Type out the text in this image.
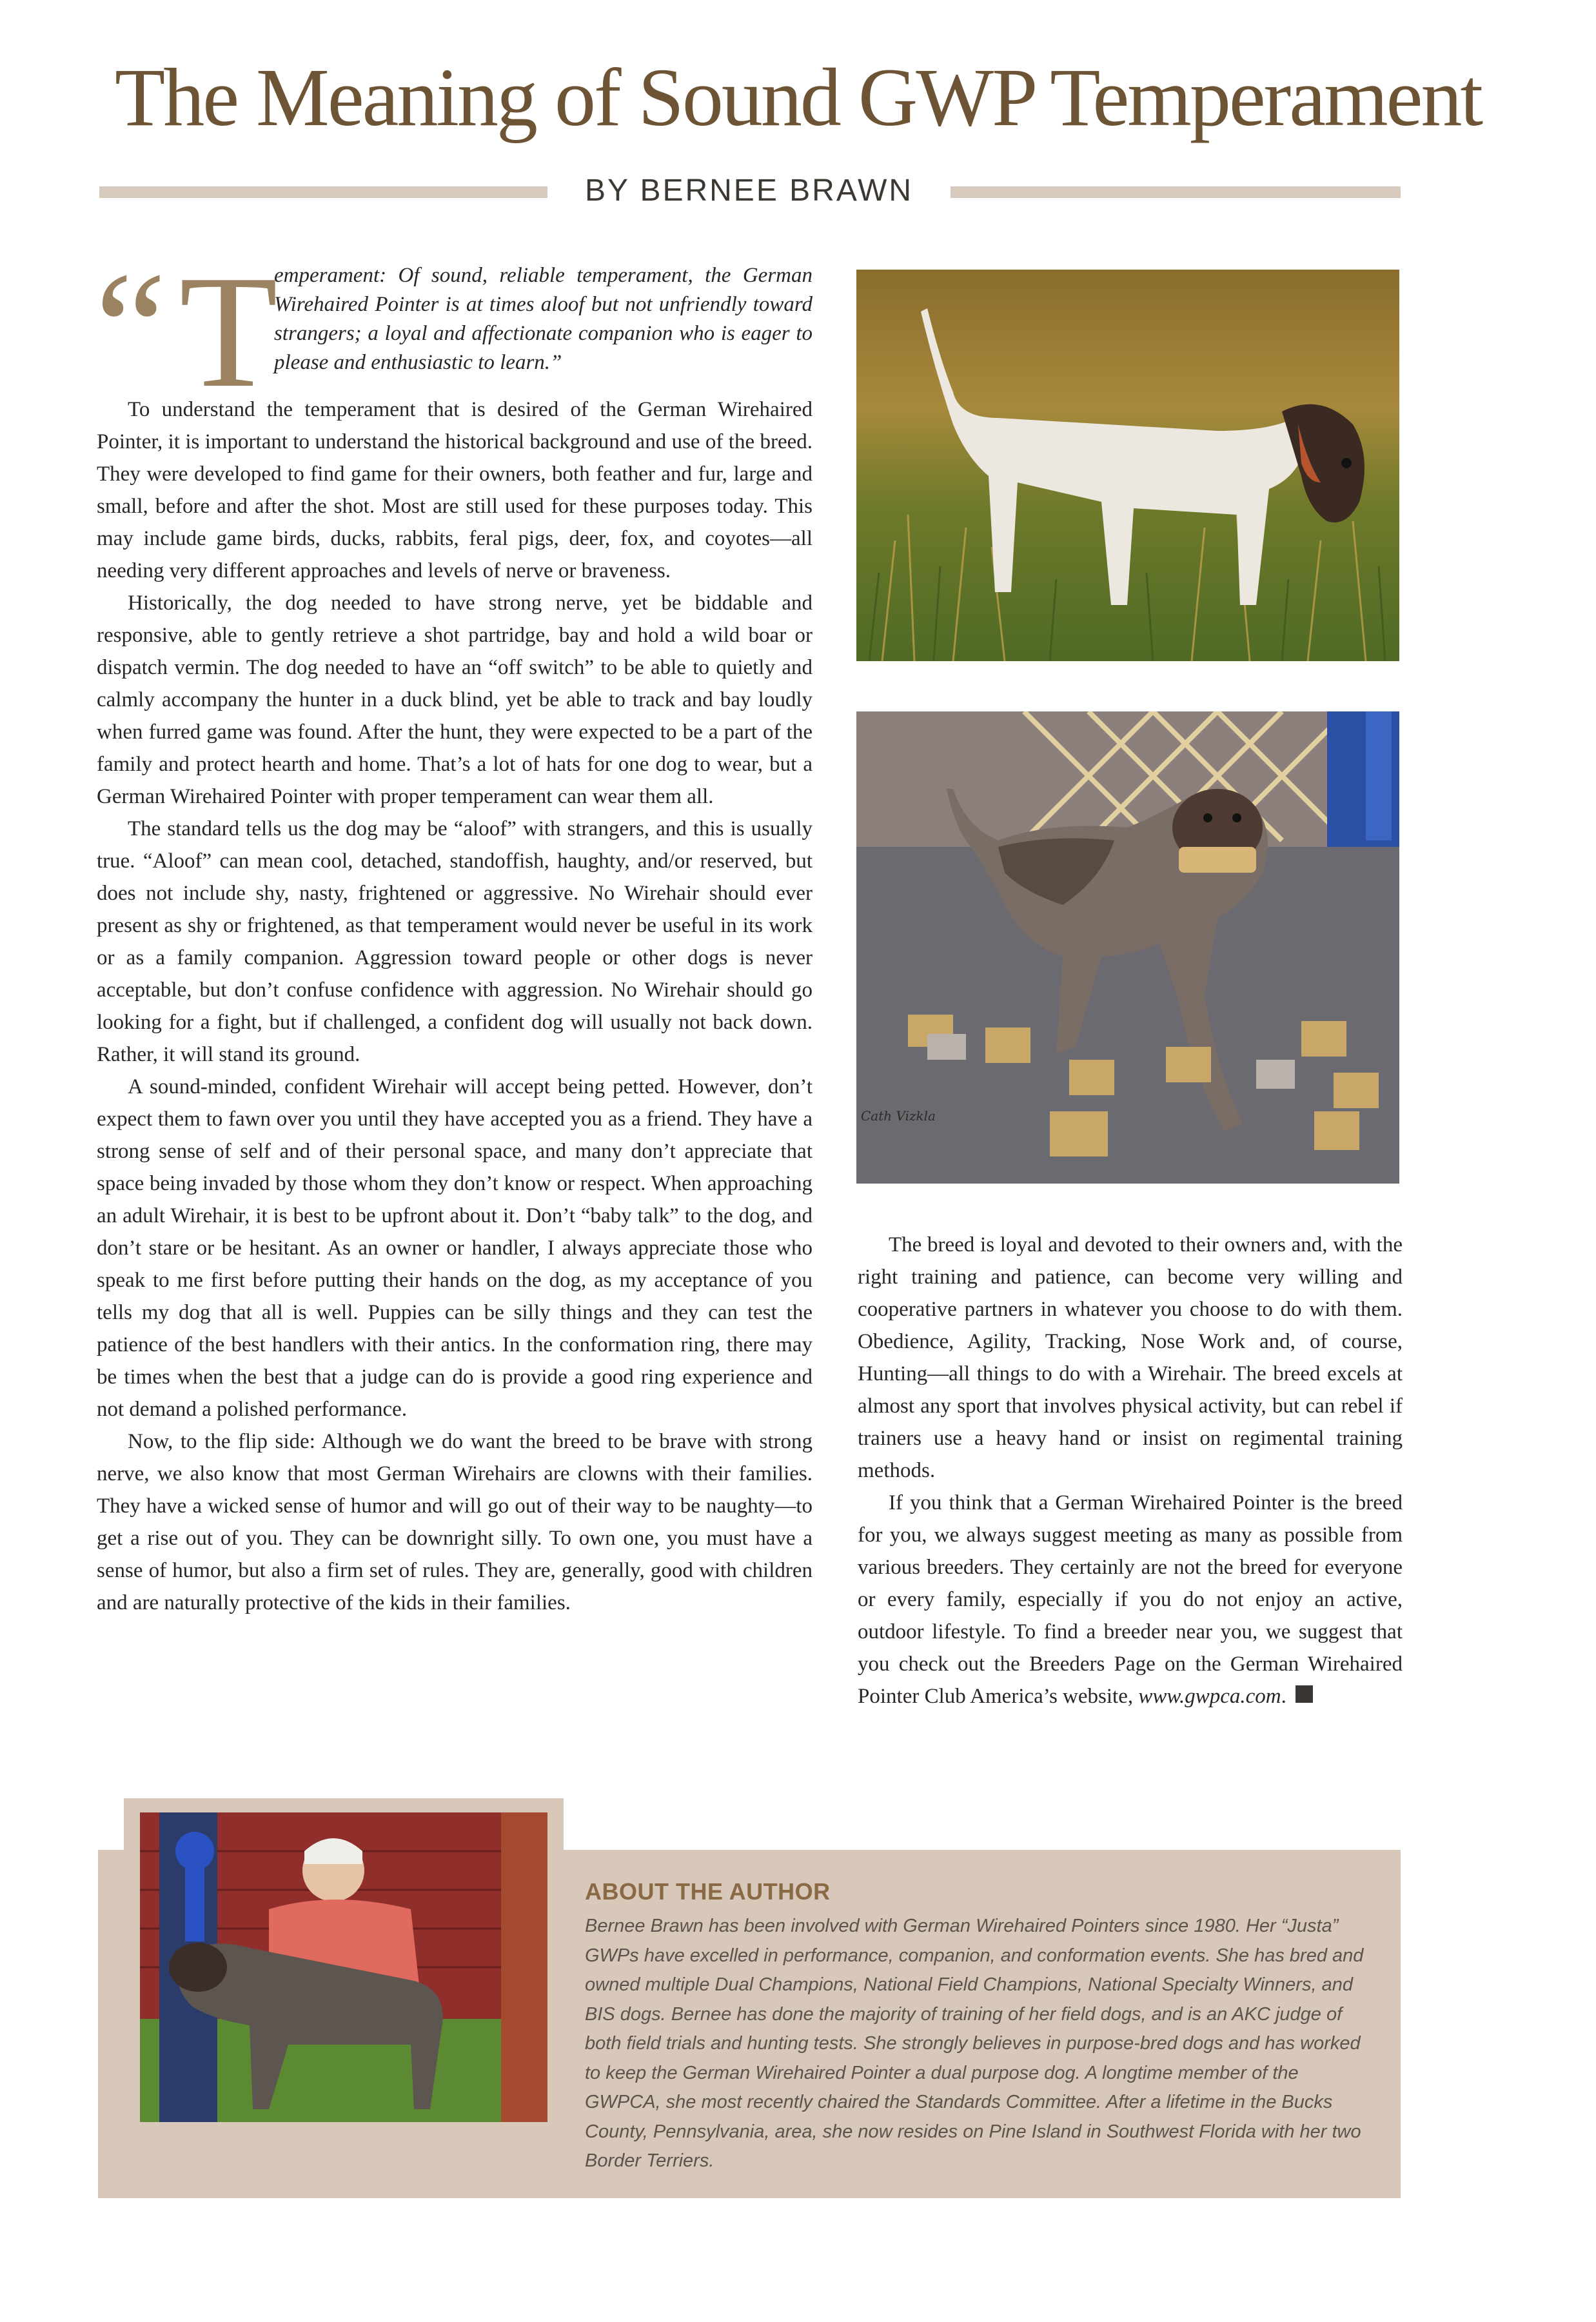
The Meaning of Sound GWP Temperament

BY BERNEE BRAWN

“ T

emperament: Of sound, reliable temperament, the German Wirehaired Pointer is at times aloof but not unfriendly toward strangers; a loyal and affectionate companion who is eager to please and enthusiastic to learn.”

To understand the temperament that is desired of the German Wirehaired Pointer, it is important to understand the historical background and use of the breed. They were developed to find game for their owners, both feather and fur, large and small, before and after the shot. Most are still used for these purposes today. This may include game birds, ducks, rabbits, feral pigs, deer, fox, and coyotes—all needing very different approaches and levels of nerve or braveness.

Historically, the dog needed to have strong nerve, yet be biddable and responsive, able to gently retrieve a shot partridge, bay and hold a wild boar or dispatch vermin. The dog needed to have an “off switch” to be able to quietly and calmly accompany the hunter in a duck blind, yet be able to track and bay loudly when furred game was found. After the hunt, they were expected to be a part of the family and protect hearth and home. That’s a lot of hats for one dog to wear, but a German Wirehaired Pointer with proper temperament can wear them all.

The standard tells us the dog may be “aloof” with strangers, and this is usually true. “Aloof” can mean cool, detached, standoffish, haughty, and/or reserved, but does not include shy, nasty, frightened or aggressive. No Wirehair should ever present as shy or frightened, as that temperament would never be useful in its work or as a family companion. Aggression toward people or other dogs is never acceptable, but don’t confuse confidence with aggression. No Wirehair should go looking for a fight, but if challenged, a confident dog will usually not back down. Rather, it will stand its ground.

A sound-minded, confident Wirehair will accept being petted. However, don’t expect them to fawn over you until they have accepted you as a friend. They have a strong sense of self and of their personal space, and many don’t appreciate that space being invaded by those whom they don’t know or respect. When approaching an adult Wirehair, it is best to be upfront about it. Don’t “baby talk” to the dog, and don’t stare or be hesitant. As an owner or handler, I always appreciate those who speak to me first before putting their hands on the dog, as my acceptance of you tells my dog that all is well. Puppies can be silly things and they can test the patience of the best handlers with their antics. In the conformation ring, there may be times when the best that a judge can do is provide a good ring experience and not demand a polished performance.

Now, to the flip side: Although we do want the breed to be brave with strong nerve, we also know that most German Wirehairs are clowns with their families. They have a wicked sense of humor and will go out of their way to be naughty—to get a rise out of you. They can be downright silly. To own one, you must have a sense of humor, but also a firm set of rules. They are, generally, good with children and are naturally protective of the kids in their families.

Cath Vizkla

The breed is loyal and devoted to their owners and, with the right training and patience, can become very willing and cooperative partners in whatever you choose to do with them. Obedience, Agility, Tracking, Nose Work and, of course, Hunting—all things to do with a Wirehair. The breed excels at almost any sport that involves physical activity, but can rebel if trainers use a heavy hand or insist on regimental training methods.

If you think that a German Wirehaired Pointer is the breed for you, we always suggest meeting as many as possible from various breeders. They certainly are not the breed for everyone or every family, especially if you do not enjoy an active, outdoor lifestyle. To find a breeder near you, we suggest that you check out the Breeders Page on the German Wirehaired Pointer Club America’s website, www.gwpca.com.

ABOUT THE AUTHOR

Bernee Brawn has been involved with German Wirehaired Pointers since 1980. Her “Justa” GWPs have excelled in performance, companion, and conformation events. She has bred and owned multiple Dual Champions, National Field Champions, National Specialty Winners, and BIS dogs. Bernee has done the majority of training of her field dogs, and is an AKC judge of both field trials and hunting tests. She strongly believes in purpose-bred dogs and has worked to keep the German Wirehaired Pointer a dual purpose dog. A longtime member of the GWPCA, she most recently chaired the Standards Committee. After a lifetime in the Bucks County, Pennsylvania, area, she now resides on Pine Island in Southwest Florida with her two Border Terriers.
